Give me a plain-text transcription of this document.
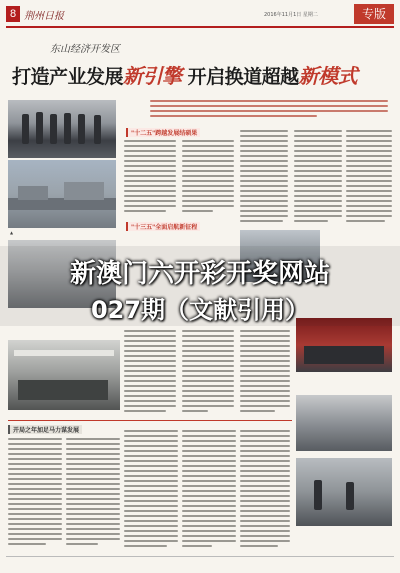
8 荆州日报	2016年11月1日 星期二	专版
东山经济开发区
打造产业发展新引擎 开启换道超越新模式
▲
"十二五"跨越发展结硕果
"十三五"全面启航新征程
开局之年加足马力谋发展
新澳门六开彩开奖网站
027期（文献引用）
